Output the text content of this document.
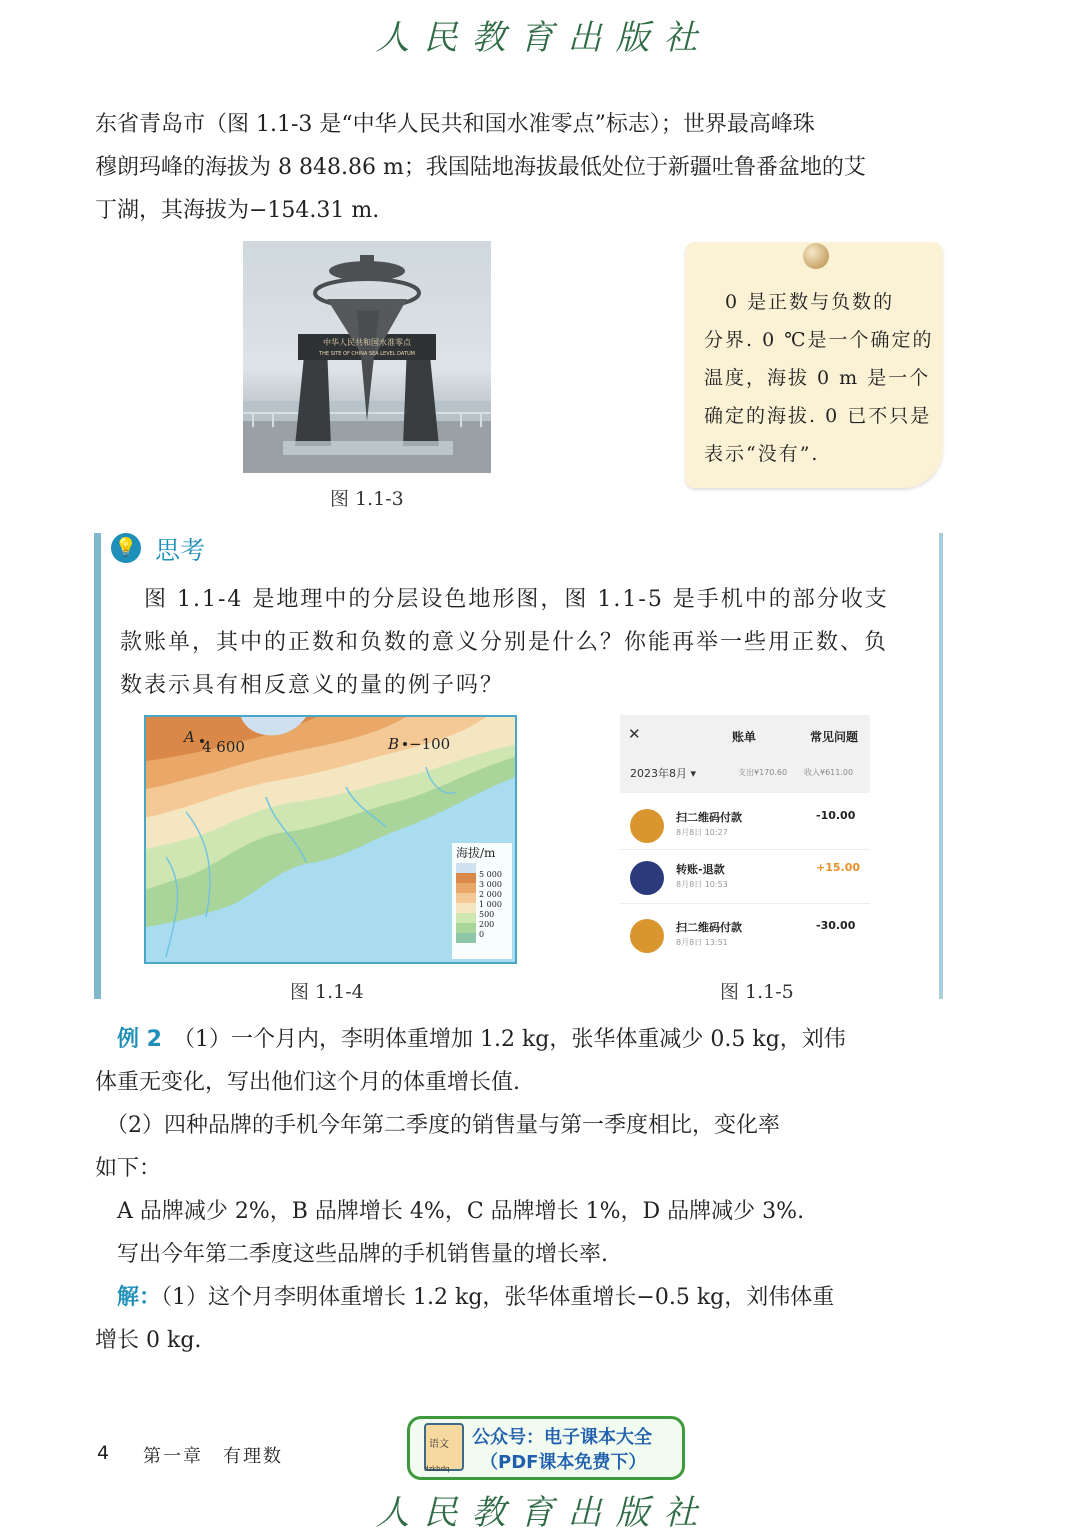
人民教育出版社

东省青岛市（图 1.1-3 是“中华人民共和国水准零点”标志）；世界最高峰珠

穆朗玛峰的海拔为 8 848.86 m；我国陆地海拔最低处位于新疆吐鲁番盆地的艾

丁湖，其海拔为−154.31 m.

中华人民共和国水准零点
THE SITE OF CHINA SEA LEVEL DATUM
图 1.1-3
　0 是正数与负数的
分界. 0 ℃是一个确定的
温度，海拔 0 m 是一个
确定的海拔. 0 已不只是
表示“没有”.
💡 思考
　图 1.1-4 是地理中的分层设色地形图，图 1.1-5 是手机中的部分收支
款账单，其中的正数和负数的意义分别是什么？你能再举一些用正数、负
数表示具有相反意义的量的例子吗？
A
4 600	B −100
海拔/m
5 000
3 000
2 000
1 000
500
200
0
图 1.1-4
✕	账单	常见问题
2023年8月 ▾	支出¥170.60 收入¥611.00
扫二维码付款
8月8日 10:27
-10.00
转账-退款
8月8日 10:53
+15.00
扫二维码付款
8月8日 13:51
-30.00
图 1.1-5

　例 2　 （1）一个月内，李明体重增加 1.2 kg，张华体重减少 0.5 kg，刘伟

体重无变化，写出他们这个月的体重增长值.

　（2）四种品牌的手机今年第二季度的销售量与第一季度相比，变化率

如下：

　A 品牌减少 2%，B 品牌增长 4%，C 品牌增长 1%，D 品牌减少 3%.

　写出今年第二季度这些品牌的手机销售量的增长率.

　解：（1）这个月李明体重增长 1.2 kg，张华体重增长−0.5 kg，刘伟体重

增长 0 kg.

4 第一章　有理数
语文
dzkbdq
公众号：电子课本大全
（PDF课本免费下）
人民教育出版社
